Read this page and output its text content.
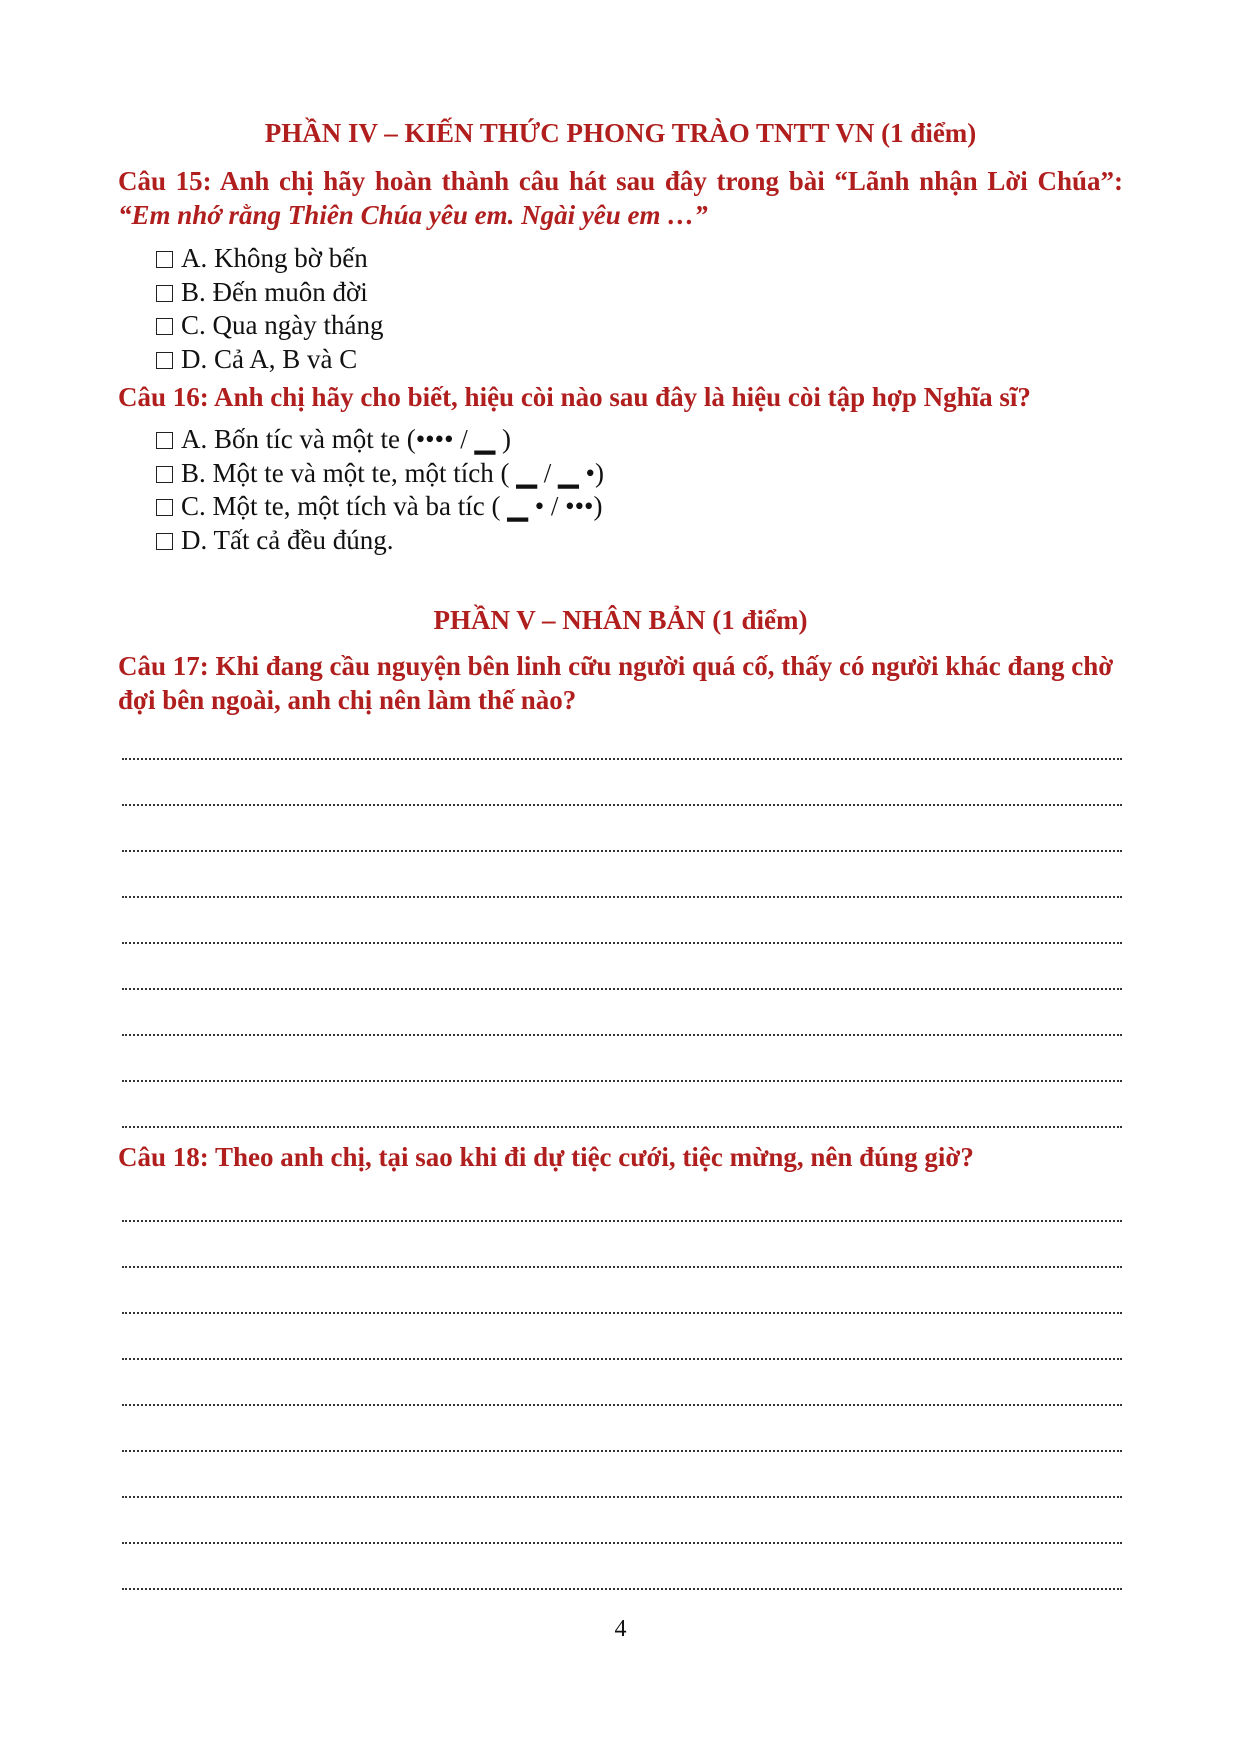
PHẦN IV – KIẾN THỨC PHONG TRÀO TNTT VN (1 điểm)
Câu 15: Anh chị hãy hoàn thành câu hát sau đây trong bài “Lãnh nhận Lời Chúa”: “Em nhớ rằng Thiên Chúa yêu em. Ngài yêu em …”
A. Không bờ bến
B. Đến muôn đời
C. Qua ngày tháng
D. Cả A, B và C
Câu 16: Anh chị hãy cho biết, hiệu còi nào sau đây là hiệu còi tập hợp Nghĩa sĩ?
A. Bốn tíc và một te (•••• / ▁ )
B. Một te và một te, một tích ( ▁ / ▁ •)
C. Một te, một tích và ba tíc ( ▁ • / •••)
D. Tất cả đều đúng.
PHẦN V – NHÂN BẢN (1 điểm)
Câu 17: Khi đang cầu nguyện bên linh cữu người quá cố, thấy có người khác đang chờ đợi bên ngoài, anh chị nên làm thế nào?
Câu 18: Theo anh chị, tại sao khi đi dự tiệc cưới, tiệc mừng, nên đúng giờ?
4
